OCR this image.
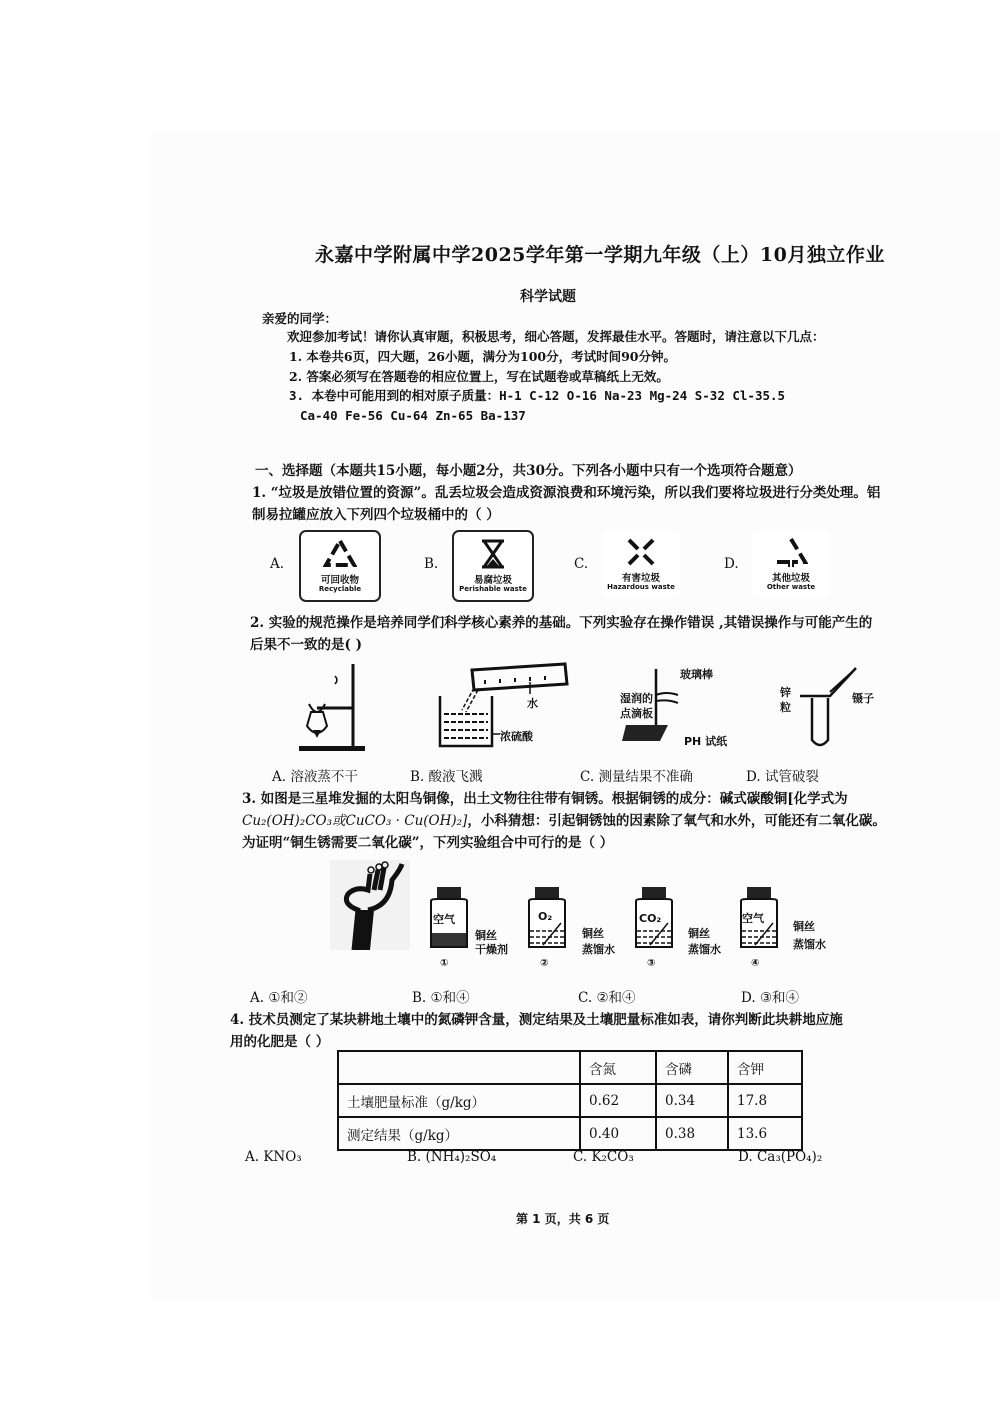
永嘉中学附属中学2025学年第一学期九年级（上）10月独立作业
科学试题
亲爱的同学：
欢迎参加考试！请你认真审题，积极思考，细心答题，发挥最佳水平。答题时，请注意以下几点：
1. 本卷共6页，四大题，26小题，满分为100分，考试时间90分钟。
2. 答案必须写在答题卷的相应位置上，写在试题卷或草稿纸上无效。
3. 本卷中可能用到的相对原子质量：H-1 C-12 O-16 Na-23 Mg-24 S-32 Cl-35.5
Ca-40 Fe-56 Cu-64 Zn-65 Ba-137
一、选择题（本题共15小题，每小题2分，共30分。下列各小题中只有一个选项符合题意）
1. “垃圾是放错位置的资源”。乱丢垃圾会造成资源浪费和环境污染，所以我们要将垃圾进行分类处理。铝
制易拉罐应放入下列四个垃圾桶中的（ ）
A.
可回收物
Recyclable
B.
易腐垃圾
Perishable waste
C.
有害垃圾
Hazardous waste
D.
其他垃圾
Other waste
2. 实验的规范操作是培养同学们科学核心素养的基础。下列实验存在操作错误 ,其错误操作与可能产生的
后果不一致的是( )
水
浓硫酸
玻璃棒
湿润的
点滴板
PH 试纸
锌
粒
镊子
A. 溶液蒸不干	B. 酸液飞溅	C. 测量结果不准确	D. 试管破裂
3. 如图是三星堆发掘的太阳鸟铜像，出土文物往往带有铜锈。根据铜锈的成分：碱式碳酸铜[化学式为
Cu₂(OH)₂CO₃或CuCO₃ · Cu(OH)₂]，小科猜想：引起铜锈蚀的因素除了氧气和水外，可能还有二氧化碳。
为证明“铜生锈需要二氧化碳”，下列实验组合中可行的是（ ）
空气
铜丝
干燥剂
①
O₂
铜丝
蒸馏水
②
CO₂
铜丝
蒸馏水
③
空气
铜丝
蒸馏水
④
A. ①和②	B. ①和④	C. ②和④	D. ③和④
4. 技术员测定了某块耕地土壤中的氮磷钾含量，测定结果及土壤肥量标准如表，请你判断此块耕地应施
用的化肥是（ ）
	含氮	含磷	含钾
土壤肥量标准（g/kg）	0.62	0.34	17.8
测定结果（g/kg）	0.40	0.38	13.6
A. KNO₃	B. (NH₄)₂SO₄	C. K₂CO₃	D. Ca₃(PO₄)₂
第 1 页，共 6 页
